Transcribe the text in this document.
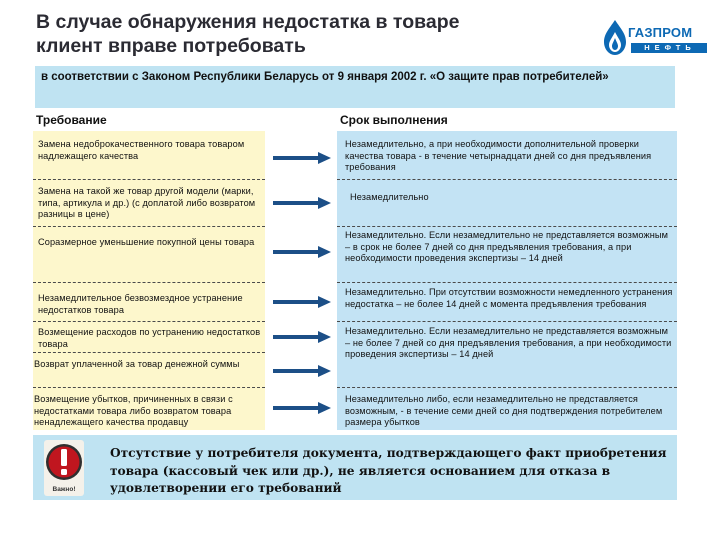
В случае обнаружения недостатка в товаре
клиент вправе потребовать
ГАЗПРОМ
НЕФТЬ
в соответствии с Законом Республики Беларусь от 9 января 2002 г. «О защите прав потребителей»
Требование	Срок выполнения
Замена недоброкачественного товара товаром надлежащего качества
Замена на такой же товар другой модели (марки, типа, артикула и др.) (с доплатой либо возвратом разницы в цене)
Соразмерное уменьшение покупной цены товара
Незамедлительное безвозмездное устранение недостатков товара
Возмещение расходов по устранению недостатков товара
Возврат уплаченной за товар денежной суммы
Возмещение убытков, причиненных в связи с недостатками товара либо возвратом товара ненадлежащего качества продавцу
Незамедлительно, а при необходимости дополнительной проверки качества товара - в течение четырнадцати дней со дня предъявления требования
Незамедлительно
Незамедлительно. Если незамедлительно не представляется возможным – в срок не более 7 дней со дня предъявления требования, а при необходимости проведения экспертизы – 14 дней
Незамедлительно. При отсутствии возможности немедленного устранения недостатка – не более 14 дней с момента предъявления требования
Незамедлительно. Если незамедлительно не представляется возможным – не более 7 дней со дня предъявления требования, а при необходимости проведения экспертизы – 14 дней
Незамедлительно либо, если незамедлительно не представляется возможным, - в течение семи дней со дня подтверждения потребителем размера убытков
Важно!
Отсутствие у потребителя документа, подтверждающего факт приобретения товара (кассовый чек или др.), не является основанием для отказа в удовлетворении его требований
